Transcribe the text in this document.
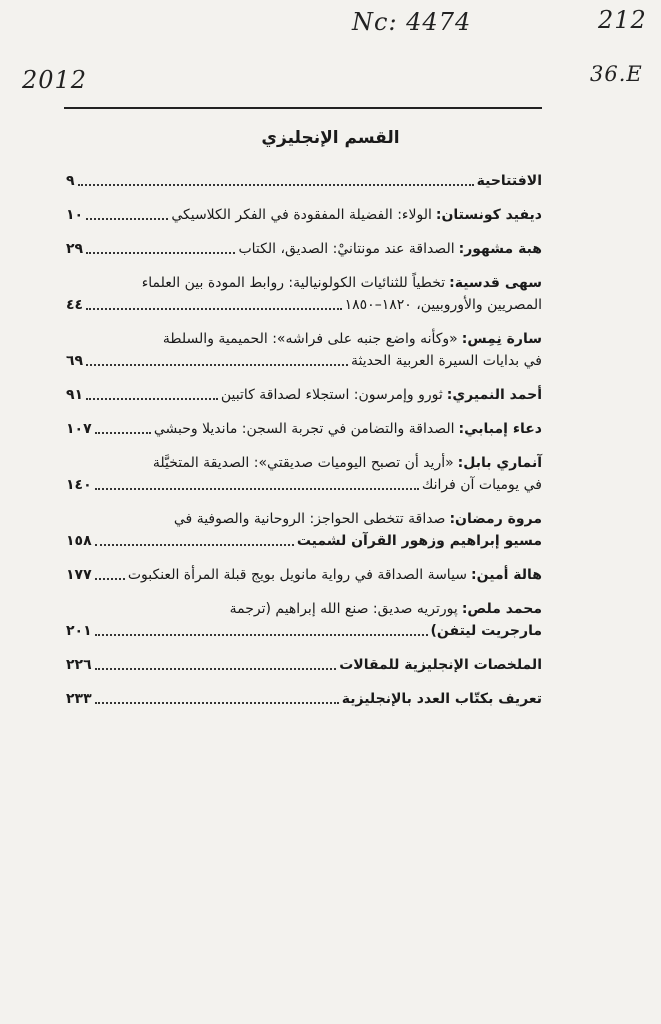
Nc: 4474	212
2012	36.E
القسم الإنجليزي
الافتتاحية
٩
ديفيد كونستان:
الولاء: الفضيلة المفقودة في الفكر الكلاسيكي
١٠
هبة مشهور:
الصداقة عند مونتانيْ: الصديق، الكتاب
٢٩
سهى قدسية:
تخطياً للثنائيات الكولونيالية: روابط المودة بين العلماء
المصريين والأوروبيين، ١٨٢٠–١٨٥٠
٤٤
سارة نِمِس:
«وكأنه واضع جنبه على فراشه»: الحميمية والسلطة
في بدايات السيرة العربية الحديثة
٦٩
أحمد النميري:
ثورو وإمرسون: استجلاء لصداقة كاتبين
٩١
دعاء إمبابي:
الصداقة والتضامن في تجربة السجن: مانديلا وحبشي
١٠٧
آنماري بابل:
«أريد أن تصبح اليوميات صديقتي»: الصديقة المتخيَّلة
في يوميات آن فرانك
١٤٠
مروة رمضان:
صداقة تتخطى الحواجز: الروحانية والصوفية في
مسيو إبراهيم وزهور القرآن لشميت
١٥٨
هالة أمين:
سياسة الصداقة في رواية مانويل بويج قبلة المرأة العنكبوت
١٧٧
محمد ملص:
پورتريه صديق: صنع الله إبراهيم (ترجمة
مارجريت ليتفن)
٢٠١
الملخصات الإنجليزية للمقالات
٢٢٦
تعريف بكتّاب العدد بالإنجليزية
٢٣٣
